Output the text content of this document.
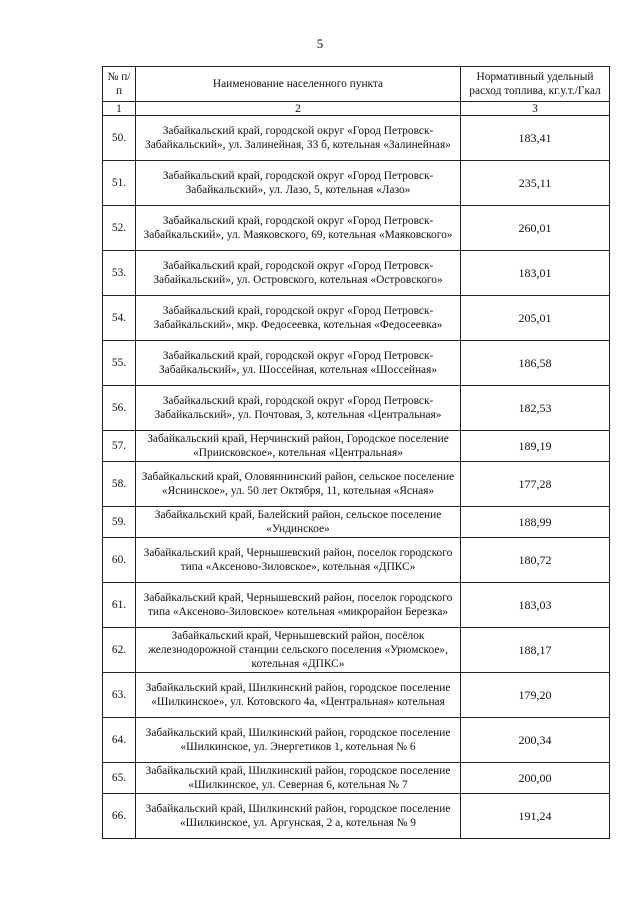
5
№ п/п	Наименование населенного пункта	Нормативный удельный расход топлива, кг.у.т./Гкал
1	2	3
50.	Забайкальский край, городской округ «Город Петровск-Забайкальский», ул. Залинейная, 33 б, котельная «Залинейная»	183,41
51.	Забайкальский край, городской округ «Город Петровск-Забайкальский», ул. Лазо, 5, котельная «Лазо»	235,11
52.	Забайкальский край, городской округ «Город Петровск-Забайкальский», ул. Маяковского, 69, котельная «Маяковского»	260,01
53.	Забайкальский край, городской округ «Город Петровск-Забайкальский», ул. Островского, котельная «Островского»	183,01
54.	Забайкальский край, городской округ «Город Петровск-Забайкальский», мкр. Федосеевка, котельная «Федосеевка»	205,01
55.	Забайкальский край, городской округ «Город Петровск-Забайкальский», ул. Шоссейная, котельная «Шоссейная»	186,58
56.	Забайкальский край, городской округ «Город Петровск-Забайкальский», ул. Почтовая, 3, котельная «Центральная»	182,53
57.	Забайкальский край, Нерчинский район, Городское поселение «Приисковское», котельная «Центральная»	189,19
58.	Забайкальский край, Оловяннинский район, сельское поселение «Яснинское», ул. 50 лет Октября, 11, котельная «Ясная»	177,28
59.	Забайкальский край, Балейский район, сельское поселение «Ундинское»	188,99
60.	Забайкальский край, Чернышевский район, поселок городского типа «Аксеново-Зиловское», котельная «ДПКС»	180,72
61.	Забайкальский край, Чернышевский район, поселок городского типа «Аксеново-Зиловское» котельная «микрорайон Березка»	183,03
62.	Забайкальский край, Чернышевский район, посёлок железнодорожной станции сельского поселения «Урюмское», котельная «ДПКС»	188,17
63.	Забайкальский край, Шилкинский район, городское поселение «Шилкинское», ул. Котовского 4а, «Центральная» котельная	179,20
64.	Забайкальский край, Шилкинский район, городское поселение «Шилкинское, ул. Энергетиков 1, котельная № 6	200,34
65.	Забайкальский край, Шилкинский район, городское поселение «Шилкинское, ул. Северная 6, котельная № 7	200,00
66.	Забайкальский край, Шилкинский район, городское поселение «Шилкинское, ул. Аргунская, 2 а, котельная № 9	191,24
